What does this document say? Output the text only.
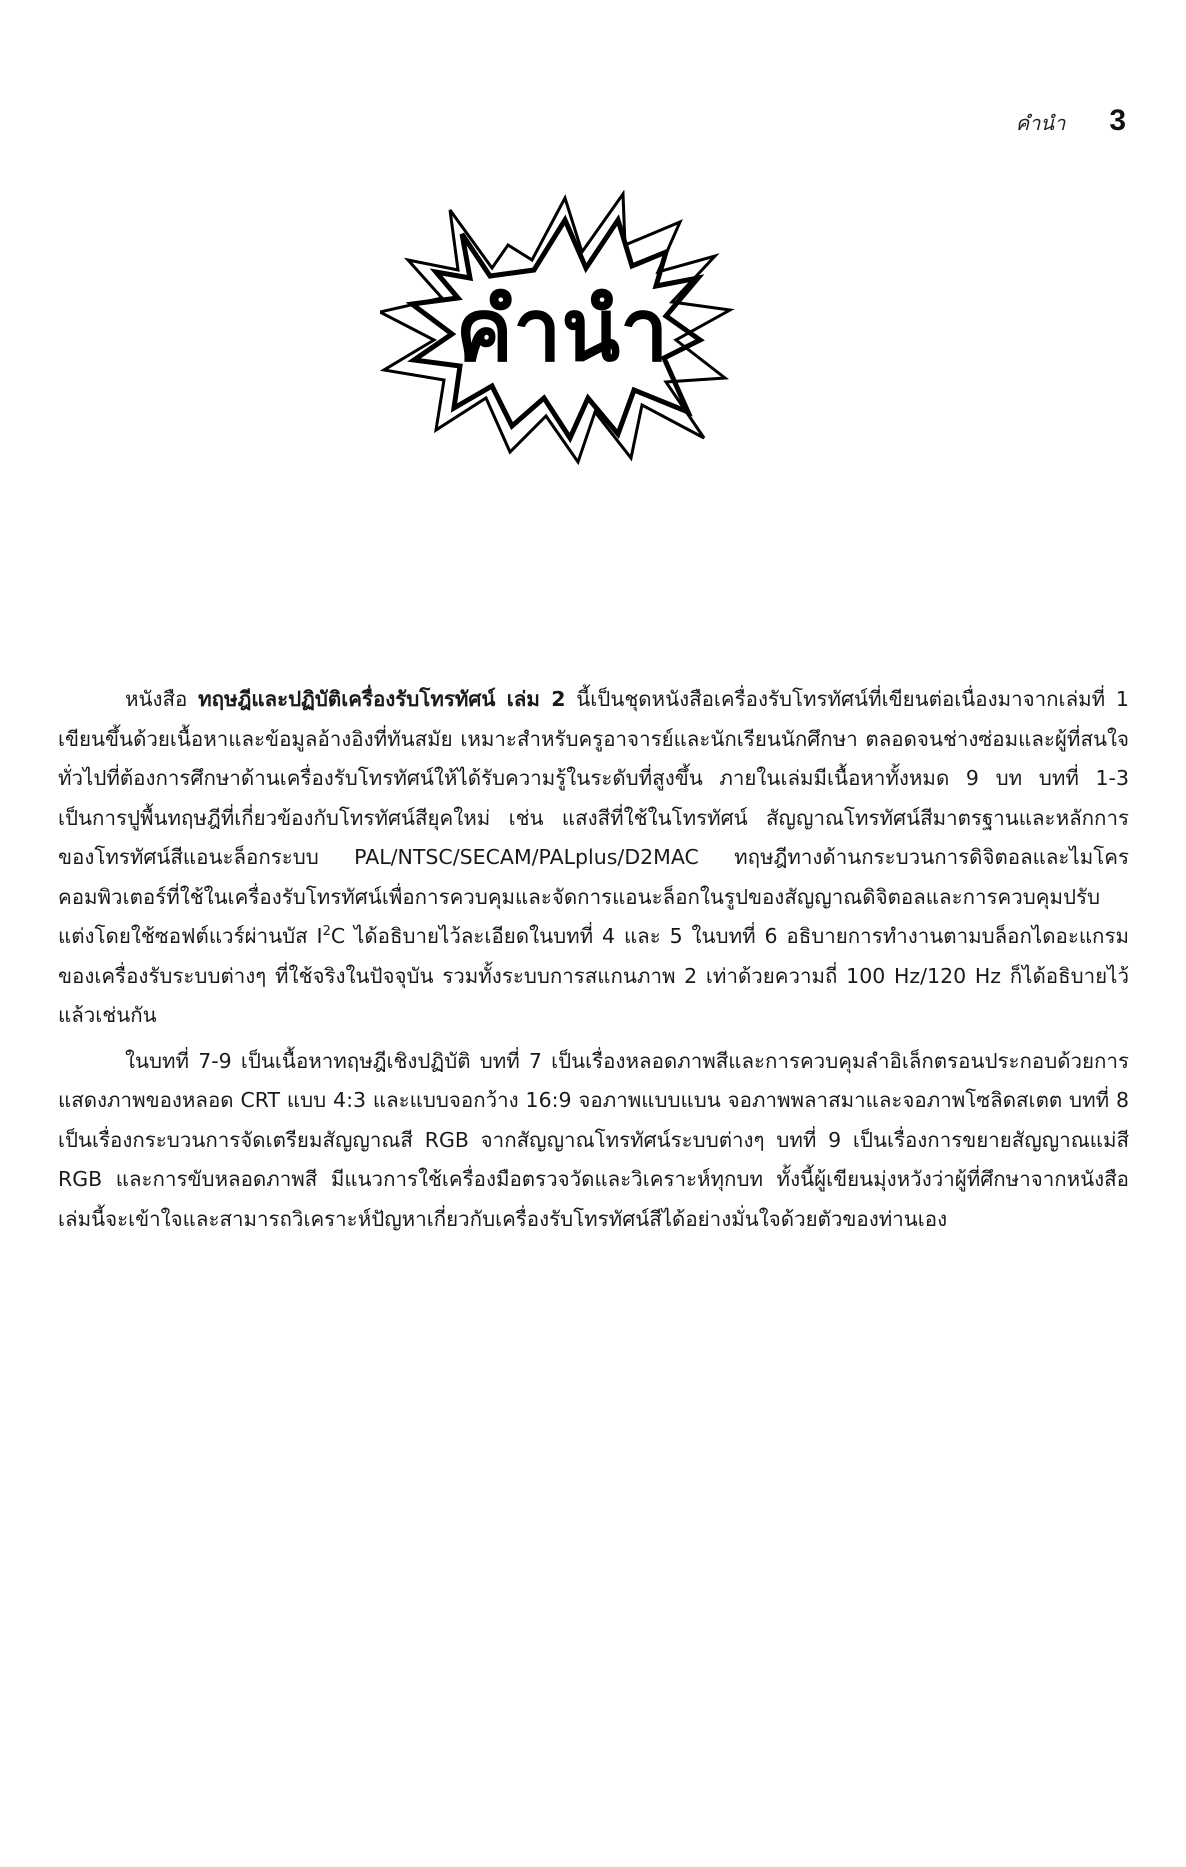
คำนำ 3
คำนำ

หนังสือ ทฤษฎีและปฏิบัติเครื่องรับโทรทัศน์ เล่ม 2 นี้เป็นชุดหนังสือเครื่องรับโทรทัศน์ที่เขียนต่อเนื่องมาจากเล่มที่ 1 เขียนขึ้นด้วยเนื้อหาและข้อมูลอ้างอิงที่ทันสมัย เหมาะสำหรับครูอาจารย์และนักเรียนนักศึกษา ตลอดจนช่างซ่อมและผู้ที่สนใจทั่วไปที่ต้องการศึกษาด้านเครื่องรับโทรทัศน์ให้ได้รับความรู้ในระดับที่สูงขึ้น ภายในเล่มมีเนื้อหาทั้งหมด 9 บท บทที่ 1-3 เป็นการปูพื้นทฤษฎีที่เกี่ยวข้องกับโทรทัศน์สียุคใหม่ เช่น แสงสีที่ใช้ในโทรทัศน์ สัญญาณโทรทัศน์สีมาตรฐานและหลักการของโทรทัศน์สีแอนะล็อกระบบ PAL/NTSC/SECAM/PALplus/D2MAC ทฤษฎีทางด้านกระบวนการดิจิตอลและไมโครคอมพิวเตอร์ที่ใช้ในเครื่องรับโทรทัศน์เพื่อการควบคุมและจัดการแอนะล็อกในรูปของสัญญาณดิจิตอลและการควบคุมปรับแต่งโดยใช้ซอฟต์แวร์ผ่านบัส $I^2C$ ได้อธิบายไว้ละเอียดในบทที่ 4 และ 5 ในบทที่ 6 อธิบายการทำงานตามบล็อกไดอะแกรมของเครื่องรับระบบต่างๆ ที่ใช้จริงในปัจจุบัน รวมทั้งระบบการสแกนภาพ 2 เท่าด้วยความถี่ 100 Hz/120 Hz ก็ได้อธิบายไว้แล้วเช่นกัน

ในบทที่ 7-9 เป็นเนื้อหาทฤษฎีเชิงปฏิบัติ บทที่ 7 เป็นเรื่องหลอดภาพสีและการควบคุมลำอิเล็กตรอนประกอบด้วยการแสดงภาพของหลอด CRT แบบ 4:3 และแบบจอกว้าง 16:9 จอภาพแบบแบน จอภาพพลาสมาและจอภาพโซลิดสเตต บทที่ 8 เป็นเรื่องกระบวนการจัดเตรียมสัญญาณสี RGB จากสัญญาณโทรทัศน์ระบบต่างๆ บทที่ 9 เป็นเรื่องการขยายสัญญาณแม่สี RGB และการขับหลอดภาพสี มีแนวการใช้เครื่องมือตรวจวัดและวิเคราะห์ทุกบท ทั้งนี้ผู้เขียนมุ่งหวังว่าผู้ที่ศึกษาจากหนังสือเล่มนี้จะเข้าใจและสามารถวิเคราะห์ปัญหาเกี่ยวกับเครื่องรับโทรทัศน์สีได้อย่างมั่นใจด้วยตัวของท่านเอง
